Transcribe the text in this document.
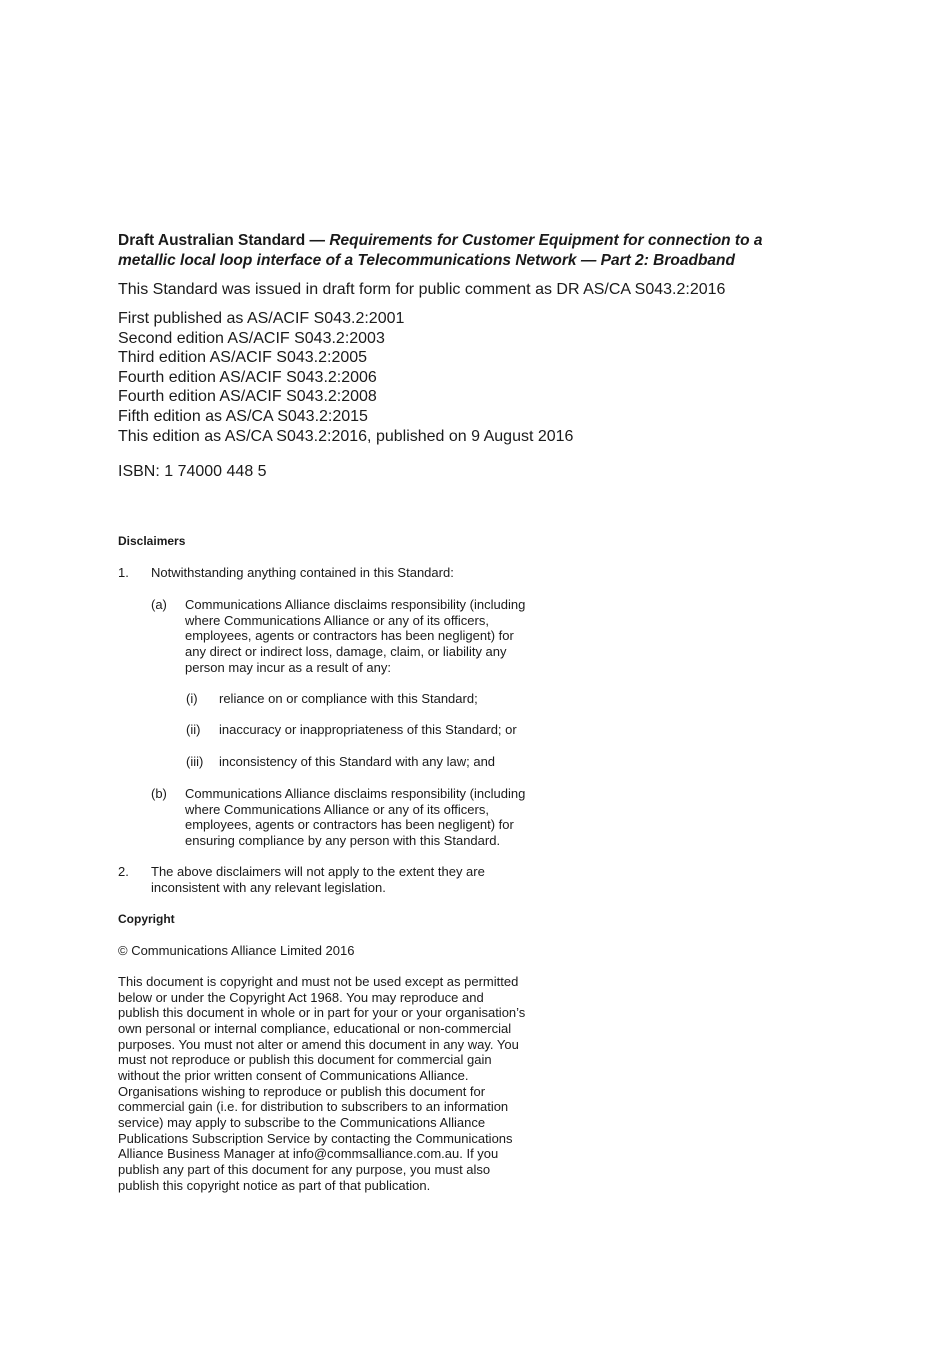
Draft Australian Standard — Requirements for Customer Equipment for connection to a
metallic local loop interface of a Telecommunications Network — Part 2: Broadband
This Standard was issued in draft form for public comment as DR AS/CA S043.2:2016
First published as AS/ACIF S043.2:2001
Second edition AS/ACIF S043.2:2003
Third edition AS/ACIF S043.2:2005
Fourth edition AS/ACIF S043.2:2006
Fourth edition AS/ACIF S043.2:2008
Fifth edition as AS/CA S043.2:2015
This edition as AS/CA S043.2:2016, published on 9 August 2016
ISBN: 1 74000 448 5
Disclaimers
1. Notwithstanding anything contained in this Standard:
(a) Communications Alliance disclaims responsibility (including
where Communications Alliance or any of its officers,
employees, agents or contractors has been negligent) for
any direct or indirect loss, damage, claim, or liability any
person may incur as a result of any:
(i) reliance on or compliance with this Standard;
(ii) inaccuracy or inappropriateness of this Standard; or
(iii) inconsistency of this Standard with any law; and
(b) Communications Alliance disclaims responsibility (including
where Communications Alliance or any of its officers,
employees, agents or contractors has been negligent) for
ensuring compliance by any person with this Standard.
2. The above disclaimers will not apply to the extent they are
inconsistent with any relevant legislation.
Copyright
© Communications Alliance Limited 2016
This document is copyright and must not be used except as permitted
below or under the Copyright Act 1968. You may reproduce and
publish this document in whole or in part for your or your organisation’s
own personal or internal compliance, educational or non-commercial
purposes. You must not alter or amend this document in any way. You
must not reproduce or publish this document for commercial gain
without the prior written consent of Communications Alliance.
Organisations wishing to reproduce or publish this document for
commercial gain (i.e. for distribution to subscribers to an information
service) may apply to subscribe to the Communications Alliance
Publications Subscription Service by contacting the Communications
Alliance Business Manager at info@commsalliance.com.au. If you
publish any part of this document for any purpose, you must also
publish this copyright notice as part of that publication.
